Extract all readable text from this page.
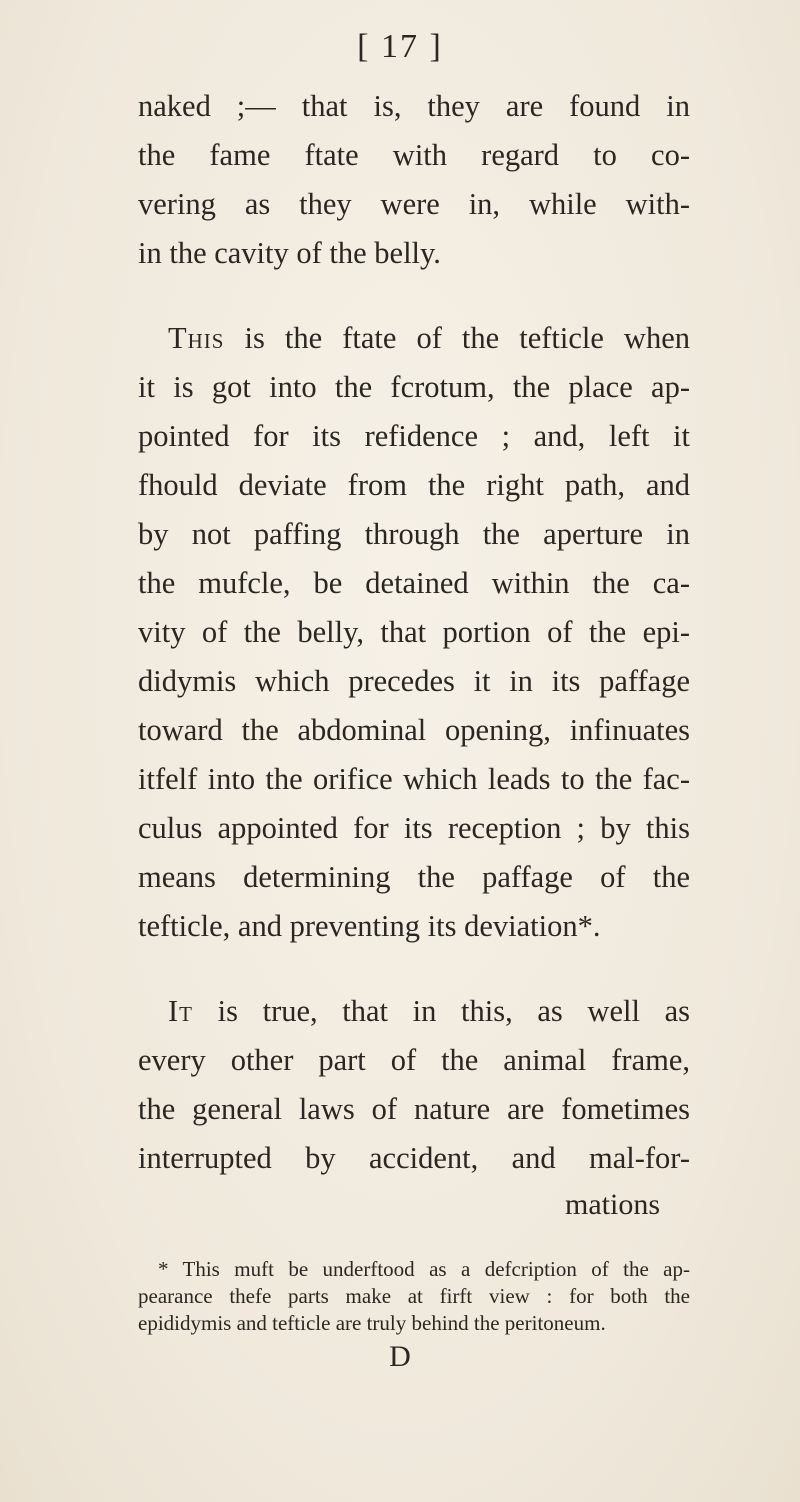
[ 17 ]
naked ;— that is, they are found in
the fame ftate with regard to co-
vering as they were in, while with-
in the cavity of the belly.
This is the ftate of the tefticle when
it is got into the fcrotum, the place ap-
pointed for its refidence ; and, left it
fhould deviate from the right path, and
by not paffing through the aperture in
the mufcle, be detained within the ca-
vity of the belly, that portion of the epi-
didymis which precedes it in its paffage
toward the abdominal opening, infinuates
itfelf into the orifice which leads to the fac-
culus appointed for its reception ; by this
means determining the paffage of the
tefticle, and preventing its deviation*.
It is true, that in this, as well as
every other part of the animal frame,
the general laws of nature are fometimes
interrupted by accident, and mal-for-
mations
* This muft be underftood as a defcription of the ap-
pearance thefe parts make at firft view : for both the
epididymis and tefticle are truly behind the peritoneum.
D
